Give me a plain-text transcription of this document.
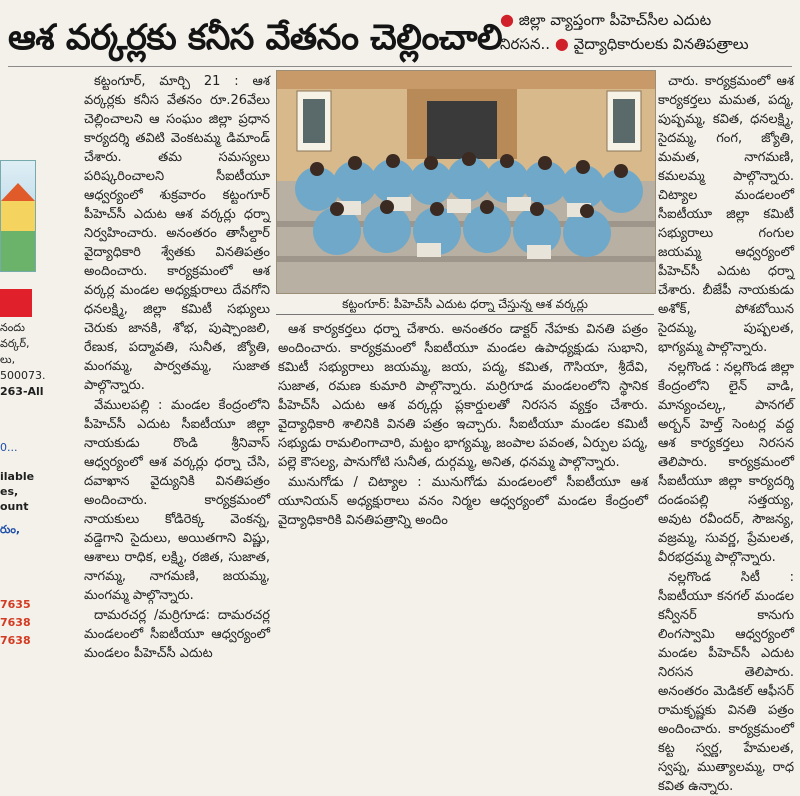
ఆశ వర్కర్లకు కనీస వేతనం చెల్లించాలి
● జిల్లా వ్యాప్తంగా పీహెచ్‌సీల ఎదుట
నిరసన.. ● వైద్యాధికారులకు వినతిపత్రాలు
నందు
వర్కర్,
లు,
500073.
263-All
0...
ilable
es,
ount
రుం,
7635
7638
7638

కట్టంగూర్, మార్చి 21 : ఆశ వర్కర్లకు కనీస వేతనం రూ.26వేలు చెల్లించాలని ఆ సంఘం జిల్లా ప్రధాన కార్యదర్శి తవిటి వెంకటమ్మ డిమాండ్ చేశారు. తమ సమస్యలు పరిష్కరించాలని సీఐటీయూ ఆధ్వర్యంలో శుక్రవారం కట్టంగూర్ పీహెచ్‌సీ ఎదుట ఆశ వర్కర్లు ధర్నా నిర్వహించారు. అనంతరం తాసీల్దార్ వైద్యాధికారి శ్వేతకు వినతిపత్రం అందించారు. కార్యక్రమంలో ఆశ వర్కర్ల మండల అధ్యక్షురాలు దేవగోని ధనలక్ష్మి, జిల్లా కమిటీ సభ్యులు చెరుకు జానకి, శోభ, పుష్పాంజలి, రేణుక, పద్మావతి, సునీత, జ్యోతి, మంగమ్మ, పార్వతమ్మ, సుజాత పాల్గొన్నారు.

వేములపల్లి : మండల కేంద్రంలోని పీహెచ్‌సీ ఎదుట సీఐటీయూ జిల్లా నాయకుడు రొండి శ్రీనివాస్ ఆధ్వర్యంలో ఆశ వర్కర్లు ధర్నా చేసి, దవాఖాన వైద్యునికి వినతిపత్రం అందించారు. కార్యక్రమంలో నాయకులు కోడిరెక్క వెంకన్న, వడ్డెగాని సైదులు, అయితగాని విష్ణు, ఆశాలు రాధిక, లక్ష్మి, రజిత, సుజాత, నాగమ్మ, నాగమణి, జయమ్మ, మంగమ్మ పాల్గొన్నారు.

దామరచర్ల /మర్రిగూడ: దామరచర్ల మండలంలో సీఐటీయూ ఆధ్వర్యంలో మండలం పీహెచ్‌సీ ఎదుట

కట్టంగూర్: పీహెచ్‌సీ ఎదుట ధర్నా చేస్తున్న ఆశ వర్కర్లు

ఆశ కార్యకర్తలు ధర్నా చేశారు. అనంతరం డాక్టర్ నేహకు వినతి పత్రం అందించారు. కార్యక్రమంలో సీఐటీయూ మండల ఉపాధ్యక్షుడు సుభాని, కమిటీ సభ్యురాలు జయమ్మ, జయ, పద్మ, కమిత, గౌసియా, శ్రీదేవి, సుజాత, రమణ కుమారి పాల్గొన్నారు. మర్రిగూడ మండలంలోని స్థానిక పీహెచ్‌సీ ఎదుట ఆశ వర్కర్లు ప్లకార్డులతో నిరసన వ్యక్తం చేశారు. వైద్యాధికారి శాలినికి వినతి పత్రం ఇచ్చారు. సీఐటీయూ మండల కమిటీ సభ్యుడు రామలింగాచారి, మట్టం భాగ్యమ్మ, జంపాల పవంత, ఏర్పుల పద్మ, పల్లె కౌసల్య, పానుగోటి సునీత, దుర్గమ్మ, అనిత, ధనమ్మ పాల్గొన్నారు.

మునుగోడు / చిట్యాల : మునుగోడు మండలంలో సీఐటీయూ ఆశ యూనియన్ అధ్యక్షురాలు వనం నిర్మల ఆధ్వర్యంలో మండల కేంద్రంలో వైద్యాధికారికి వినతిపత్రాన్ని అందిం

చారు. కార్యక్రమంలో ఆశ కార్యకర్తలు మమత, పద్మ, పుష్పమ్మ, కవిత, ధనలక్ష్మి, సైదమ్మ, గంగ, జ్యోతి, మమత, నాగమణి, కమలమ్మ పాల్గొన్నారు. చిట్యాల మండలంలో సీఐటీయూ జిల్లా కమిటీ సభ్యురాలు గంగుల జయమ్మ ఆధ్వర్యంలో పీహెచ్‌సీ ఎదుట ధర్నా చేశారు. బీజేపీ నాయకుడు అశోక్, పోశబోయిన సైదమ్మ, పుష్పలత, భాగ్యమ్మ పాల్గొన్నారు.

నల్లగొండ : నల్లగొండ జిల్లా కేంద్రంలోని లైన్ వాడి, మాన్యంచల్క, పానగల్ అర్బన్ హెల్త్ సెంటర్ల వద్ద ఆశ కార్యకర్తలు నిరసన తెలిపారు. కార్యక్రమంలో సీఐటీయూ జిల్లా కార్యదర్శి దండంపల్లి సత్తయ్య, అవుట రవీందర్, సౌజన్య, వజ్రమ్మ, సువర్ణ, ప్రేమలత, వీరభద్రమ్మ పాల్గొన్నారు.

నల్లగొండ సిటీ : సీఐటీయూ కనగల్ మండల కన్వీనర్ కానుగు లింగస్వామి ఆధ్వర్యంలో మండల పీహెచ్‌సీ ఎదుట నిరసన తెలిపారు. అనంతరం మెడికల్ ఆఫీసర్ రామకృష్ణకు వినతి పత్రం అందించారు. కార్యక్రమంలో కట్ట స్వర్ణ, హేమలత, స్వప్న, ముత్యాలమ్మ, రాధ కవిత ఉన్నారు.
